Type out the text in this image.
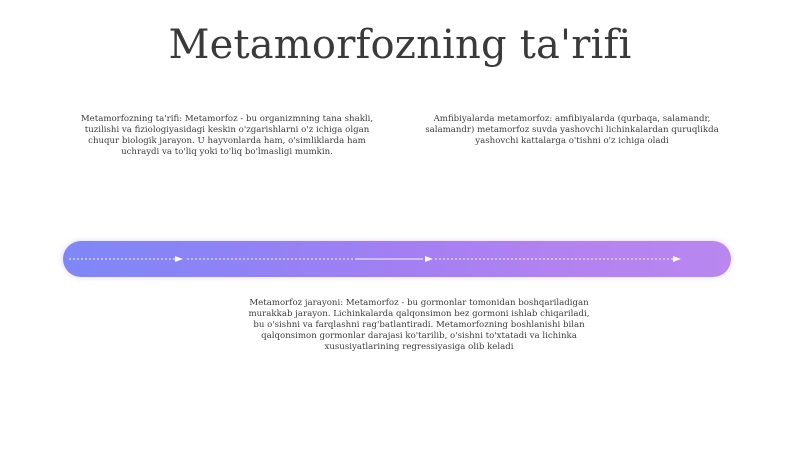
Metamorfozning ta'rifi
Metamorfozning ta'rifi: Metamorfoz - bu organizmning tana shakli, tuzilishi va fiziologiyasidagi keskin o'zgarishlarni o'z ichiga olgan chuqur biologik jarayon. U hayvonlarda ham, o'simliklarda ham uchraydi va to'liq yoki to'liq bo'lmasligi mumkin.
Amfibiyalarda metamorfoz: amfibiyalarda (qurbaqa, salamandr, salamandr) metamorfoz suvda yashovchi lichinkalardan quruqlikda yashovchi kattalarga o'tishni o'z ichiga oladi
Metamorfoz jarayoni: Metamorfoz - bu gormonlar tomonidan boshqariladigan murakkab jarayon. Lichinkalarda qalqonsimon bez gormoni ishlab chiqariladi, bu o'sishni va farqlashni rag'batlantiradi. Metamorfozning boshlanishi bilan qalqonsimon gormonlar darajasi ko'tarilib, o'sishni to'xtatadi va lichinka xususiyatlarining regressiyasiga olib keladi
